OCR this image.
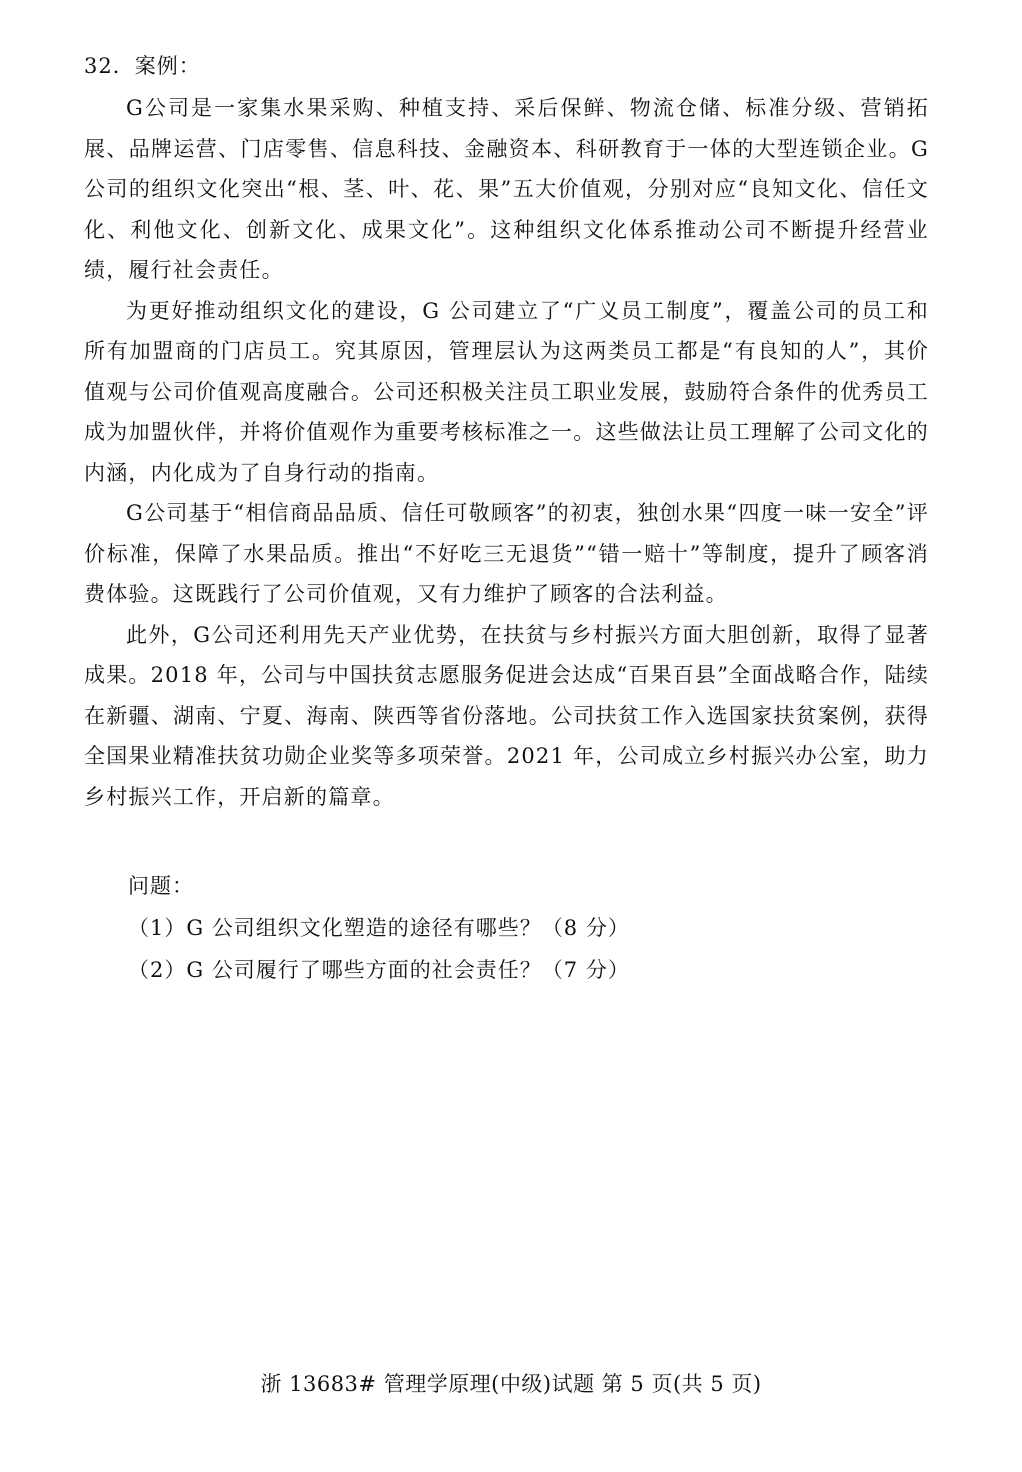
32．案例：

G公司是一家集水果采购、种植支持、采后保鲜、物流仓储、标准分级、营销拓展、品牌运营、门店零售、信息科技、金融资本、科研教育于一体的大型连锁企业。G公司的组织文化突出“根、茎、叶、花、果”五大价值观，分别对应“良知文化、信任文化、利他文化、创新文化、成果文化”。这种组织文化体系推动公司不断提升经营业绩，履行社会责任。

为更好推动组织文化的建设，G 公司建立了“广义员工制度”，覆盖公司的员工和所有加盟商的门店员工。究其原因，管理层认为这两类员工都是“有良知的人”，其价值观与公司价值观高度融合。公司还积极关注员工职业发展，鼓励符合条件的优秀员工成为加盟伙伴，并将价值观作为重要考核标准之一。这些做法让员工理解了公司文化的内涵，内化成为了自身行动的指南。

G公司基于“相信商品品质、信任可敬顾客”的初衷，独创水果“四度一味一安全”评价标准，保障了水果品质。推出“不好吃三无退货”“错一赔十”等制度，提升了顾客消费体验。这既践行了公司价值观，又有力维护了顾客的合法利益。

此外，G公司还利用先天产业优势，在扶贫与乡村振兴方面大胆创新，取得了显著成果。2018 年，公司与中国扶贫志愿服务促进会达成“百果百县”全面战略合作，陆续在新疆、湖南、宁夏、海南、陕西等省份落地。公司扶贫工作入选国家扶贫案例，获得全国果业精准扶贫功勋企业奖等多项荣誉。2021 年，公司成立乡村振兴办公室，助力乡村振兴工作，开启新的篇章。

问题：
（1）G 公司组织文化塑造的途径有哪些？（8 分）
（2）G 公司履行了哪些方面的社会责任？（7 分）
浙 13683# 管理学原理(中级)试题 第 5 页(共 5 页)
